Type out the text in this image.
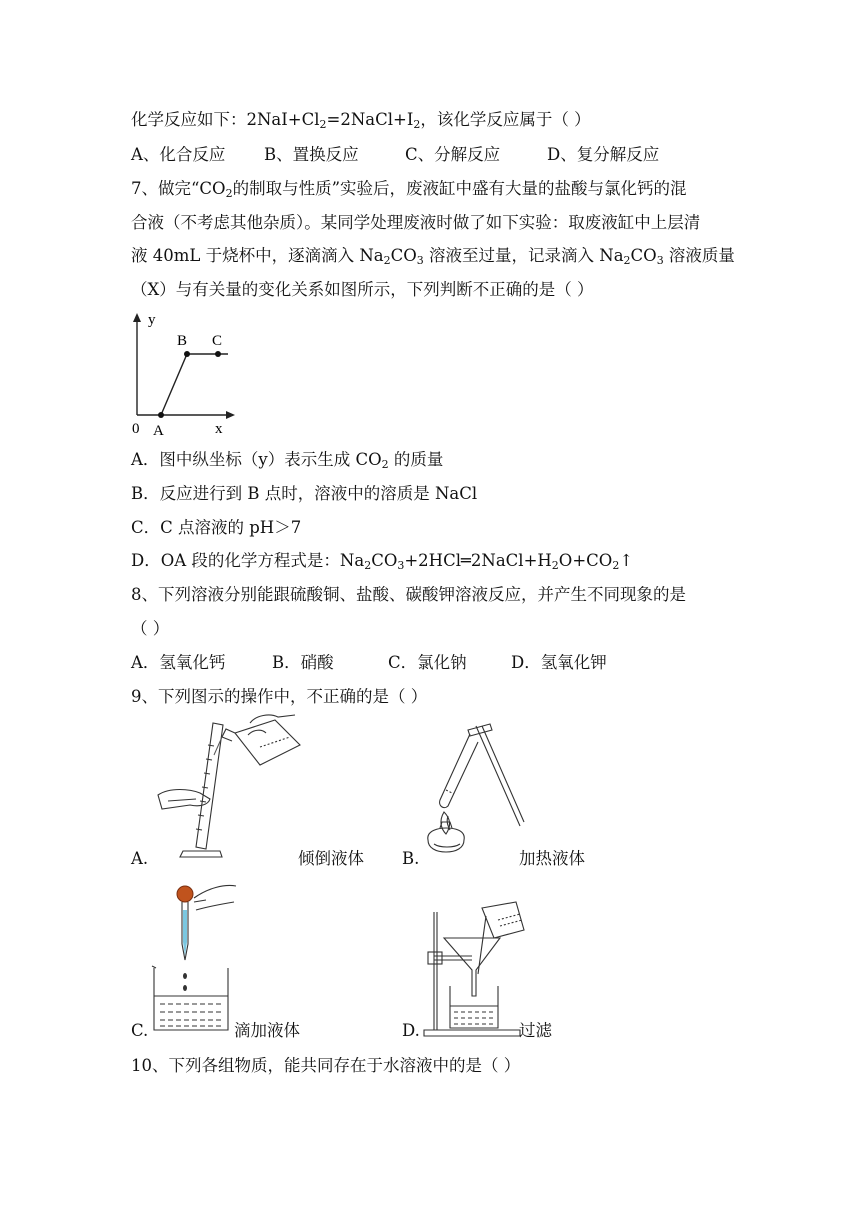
化学反应如下：$2NaI+Cl_2=2NaCl+I_2$，该化学反应属于（ ）
A、化合反应 B、置换反应	C、分解反应	D、复分解反应
7、做完“$CO_2$的制取与性质”实验后，废液缸中盛有大量的盐酸与氯化钙的混
合液（不考虑其他杂质）。某同学处理废液时做了如下实验：取废液缸中上层清
液 40mL 于烧杯中，逐滴滴入 $Na_2CO_3$ 溶液至过量，记录滴入 $Na_2CO_3$ 溶液质量
（X）与有关量的变化关系如图所示，下列判断不正确的是（ ）
y
B C
0 A	x
A．图中纵坐标（y）表示生成 $CO_2$ 的质量
B．反应进行到 B 点时，溶液中的溶质是 NaCl
C．C 点溶液的 pH＞7
D．OA 段的化学方程式是：$Na_2CO_3+2HCl═2NaCl+H_2O+CO_2↑$
8、下列溶液分别能跟硫酸铜、盐酸、碳酸钾溶液反应，并产生不同现象的是
（ ）
A．氢氧化钙	B．硝酸	C．氯化钠	D．氢氧化钾
9、下列图示的操作中，不正确的是（ ）
A.	倾倒液体 B.	加热液体
C.	滴加液体	D.	过滤
10、下列各组物质，能共同存在于水溶液中的是（ ）
